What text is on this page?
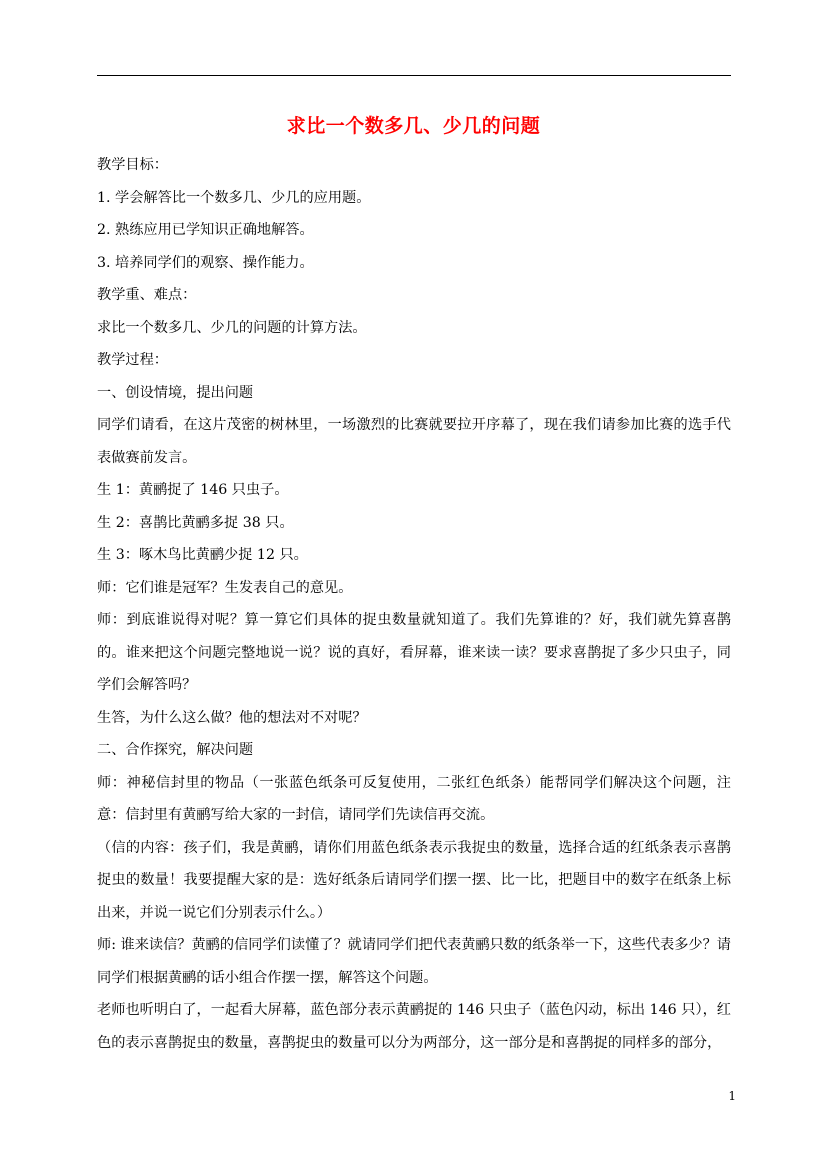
求比一个数多几、少几的问题

教学目标：

1. 学会解答比一个数多几、少几的应用题。

2. 熟练应用已学知识正确地解答。

3. 培养同学们的观察、操作能力。

教学重、难点：

求比一个数多几、少几的问题的计算方法。

教学过程：

一、创设情境，提出问题

同学们请看，在这片茂密的树林里，一场激烈的比赛就要拉开序幕了，现在我们请参加比赛的选手代表做赛前发言。

生 1：黄鹂捉了 146 只虫子。

生 2：喜鹊比黄鹂多捉 38 只。

生 3：啄木鸟比黄鹂少捉 12 只。

师：它们谁是冠军？生发表自己的意见。

师：到底谁说得对呢？算一算它们具体的捉虫数量就知道了。我们先算谁的？好，我们就先算喜鹊的。谁来把这个问题完整地说一说？说的真好，看屏幕，谁来读一读？要求喜鹊捉了多少只虫子，同学们会解答吗？

生答，为什么这么做？他的想法对不对呢？

二、合作探究，解决问题

师：神秘信封里的物品（一张蓝色纸条可反复使用，二张红色纸条）能帮同学们解决这个问题，注意：信封里有黄鹂写给大家的一封信，请同学们先读信再交流。

（信的内容：孩子们，我是黄鹂，请你们用蓝色纸条表示我捉虫的数量，选择合适的红纸条表示喜鹊捉虫的数量！我要提醒大家的是：选好纸条后请同学们摆一摆、比一比，把题目中的数字在纸条上标出来，并说一说它们分别表示什么。）

师: 谁来读信？黄鹂的信同学们读懂了？就请同学们把代表黄鹂只数的纸条举一下，这些代表多少？请同学们根据黄鹂的话小组合作摆一摆，解答这个问题。

老师也听明白了，一起看大屏幕，蓝色部分表示黄鹂捉的 146 只虫子（蓝色闪动，标出 146 只），红色的表示喜鹊捉虫的数量，喜鹊捉虫的数量可以分为两部分，这一部分是和喜鹊捉的同样多的部分，

1
